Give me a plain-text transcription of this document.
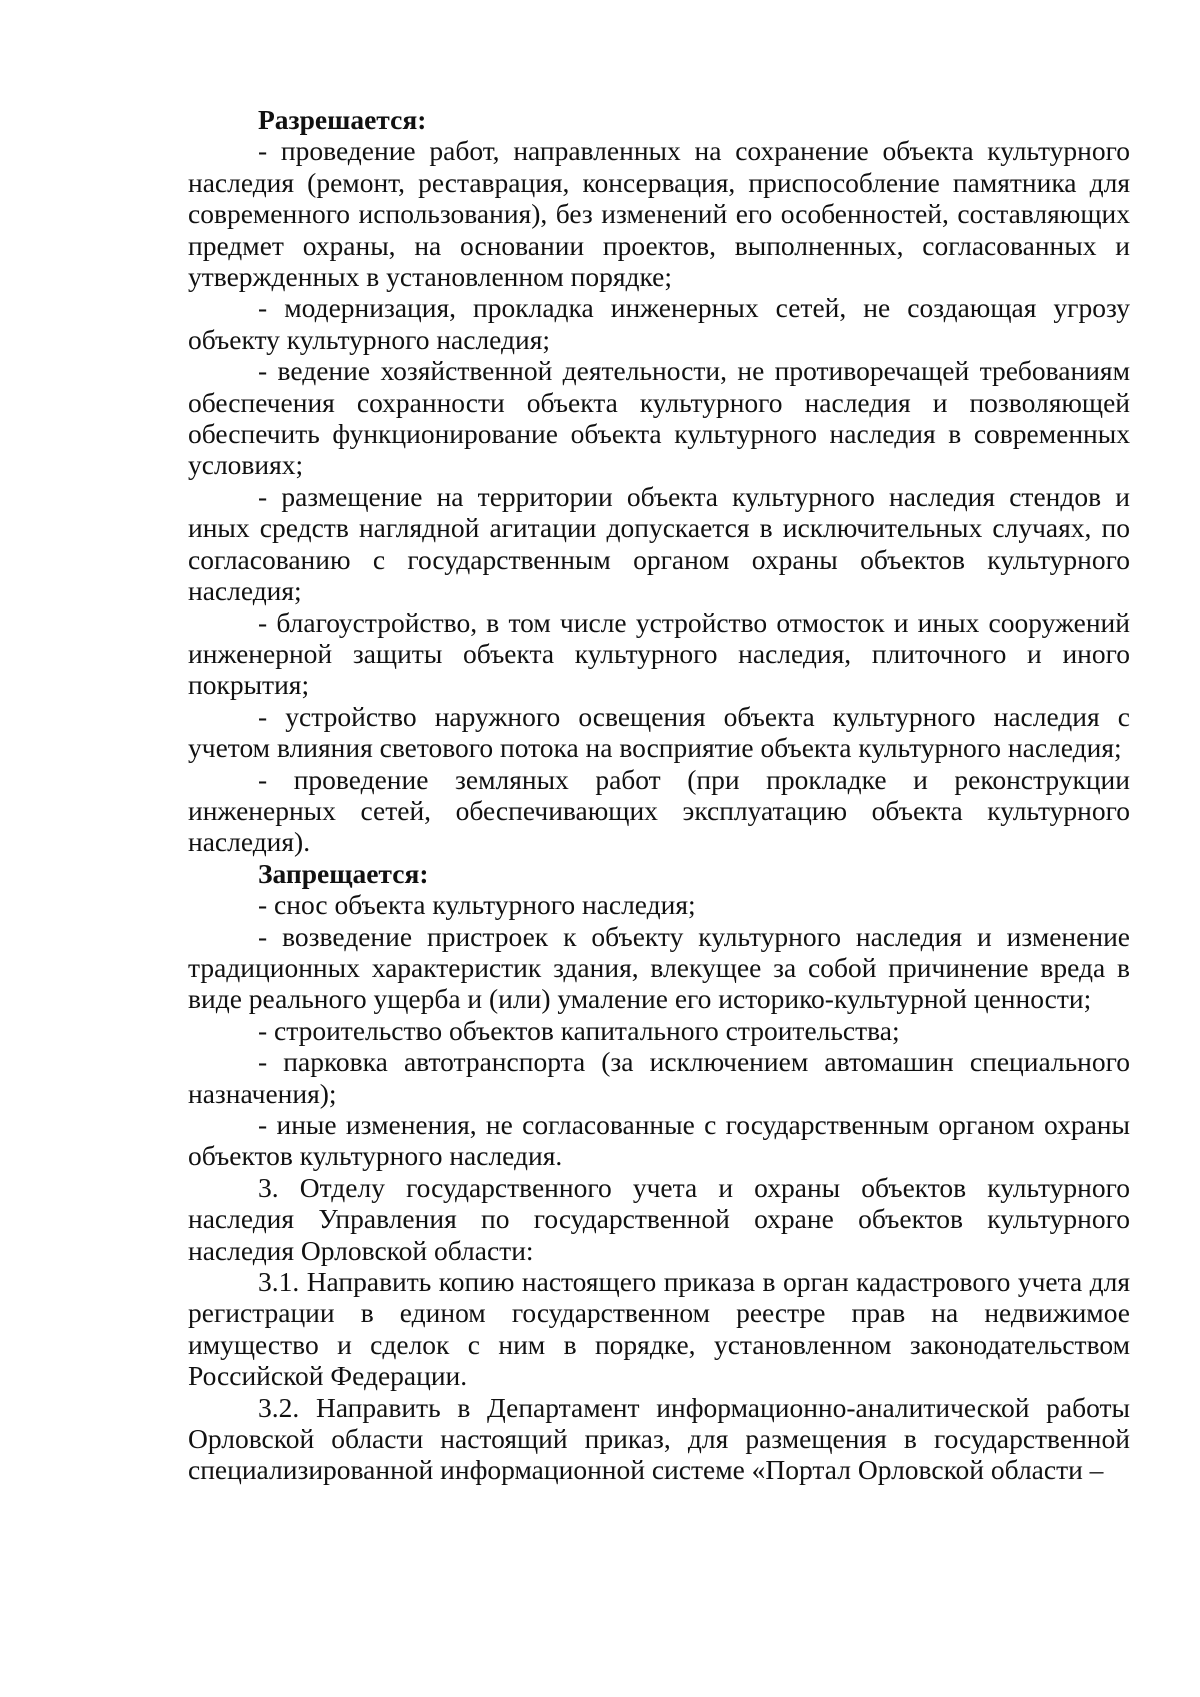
Разрешается:

- проведение работ, направленных на сохранение объекта культурного наследия (ремонт, реставрация, консервация, приспособление памятника для современного использования), без изменений его особенностей, составляющих предмет охраны, на основании проектов, выполненных, согласованных и утвержденных в установленном порядке;

- модернизация, прокладка инженерных сетей, не создающая угрозу объекту культурного наследия;

- ведение хозяйственной деятельности, не противоречащей требованиям обеспечения сохранности объекта культурного наследия и позволяющей обеспечить функционирование объекта культурного наследия в современных условиях;

- размещение на территории объекта культурного наследия стендов и иных средств наглядной агитации допускается в исключительных случаях, по согласованию с государственным органом охраны объектов культурного наследия;

- благоустройство, в том числе устройство отмосток и иных сооружений инженерной защиты объекта культурного наследия, плиточного и иного покрытия;

- устройство наружного освещения объекта культурного наследия с учетом влияния светового потока на восприятие объекта культурного наследия;

- проведение земляных работ (при прокладке и реконструкции инженерных сетей, обеспечивающих эксплуатацию объекта культурного наследия).

Запрещается:

- снос объекта культурного наследия;

- возведение пристроек к объекту культурного наследия и изменение традиционных характеристик здания, влекущее за собой причинение вреда в виде реального ущерба и (или) умаление его историко-культурной ценности;

- строительство объектов капитального строительства;

- парковка автотранспорта (за исключением автомашин специального назначения);

- иные изменения, не согласованные с государственным органом охраны объектов культурного наследия.

3. Отделу государственного учета и охраны объектов культурного наследия Управления по государственной охране объектов культурного наследия Орловской области:

3.1. Направить копию настоящего приказа в орган кадастрового учета для регистрации в едином государственном реестре прав на недвижимое имущество и сделок с ним в порядке, установленном законодательством Российской Федерации.

3.2. Направить в Департамент информационно-аналитической работы Орловской области настоящий приказ, для размещения в государственной специализированной информационной системе «Портал Орловской области –
